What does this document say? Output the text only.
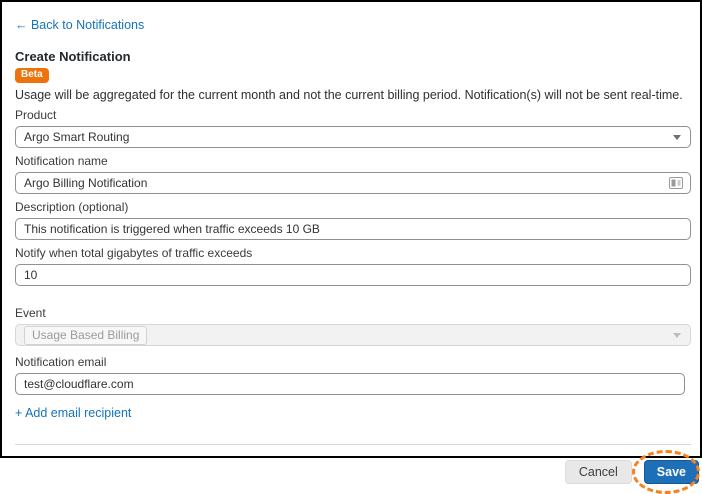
← Back to Notifications
Create Notification
Beta

Usage will be aggregated for the current month and not the current billing period. Notification(s) will not be sent real-time.

Product
Argo Smart Routing
Notification name
Argo Billing Notification
Description (optional)
This notification is triggered when traffic exceeds 10 GB
Notify when total gigabytes of traffic exceeds
10
Event
Usage Based Billing
Notification email
test@cloudflare.com
+ Add email recipient
Cancel	Save
